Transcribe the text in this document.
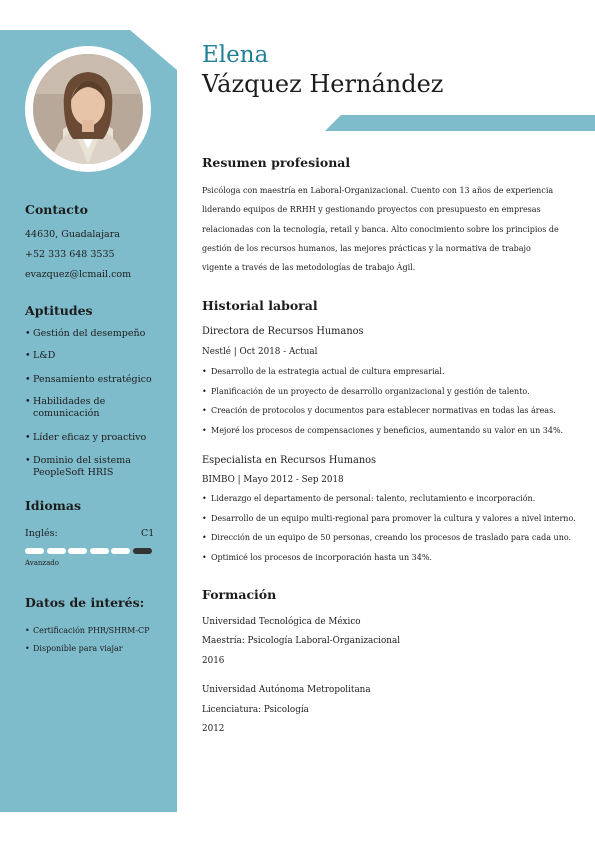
Elena
Vázquez Hernández
Contacto
44630, Guadalajara
+52 333 648 3535
evazquez@lcmail.com
Aptitudes
• Gestión del desempeño
• L&D
• Pensamiento estratégico
• Habilidades de comunicación
• Líder eficaz y proactivo
• Dominio del sistema PeopleSoft HRIS
Idiomas
Inglés:	C1
Avanzado
Datos de interés:
• Certificación PHR/SHRM-CP
• Disponible para viajar
Resumen profesional
Psicóloga con maestría en Laboral-Organizacional. Cuento con 13 años de experiencia liderando equipos de RRHH y gestionando proyectos con presupuesto en empresas relacionadas con la tecnología, retail y banca. Alto conocimiento sobre los principios de gestión de los recursos humanos, las mejores prácticas y la normativa de trabajo vigente a través de las metodologías de trabajo Ágil.
Historial laboral
Directora de Recursos Humanos
Nestlé | Oct 2018 - Actual
• Desarrollo de la estrategia actual de cultura empresarial.
• Planificación de un proyecto de desarrollo organizacional y gestión de talento.
• Creación de protocolos y documentos para establecer normativas en todas las áreas.
• Mejoré los procesos de compensaciones y beneficios, aumentando su valor en un 34%.
Especialista en Recursos Humanos
BIMBO | Mayo 2012 - Sep 2018
• Liderazgo el departamento de personal: talento, reclutamiento e incorporación.
• Desarrollo de un equipo multi-regional para promover la cultura y valores a nivel interno.
• Dirección de un equipo de 50 personas, creando los procesos de traslado para cada uno.
• Optimicé los procesos de incorporación hasta un 34%.
Formación
Universidad Tecnológica de México
Maestría: Psicología Laboral-Organizacional
2016
Universidad Autónoma Metropolitana
Licenciatura: Psicología
2012
